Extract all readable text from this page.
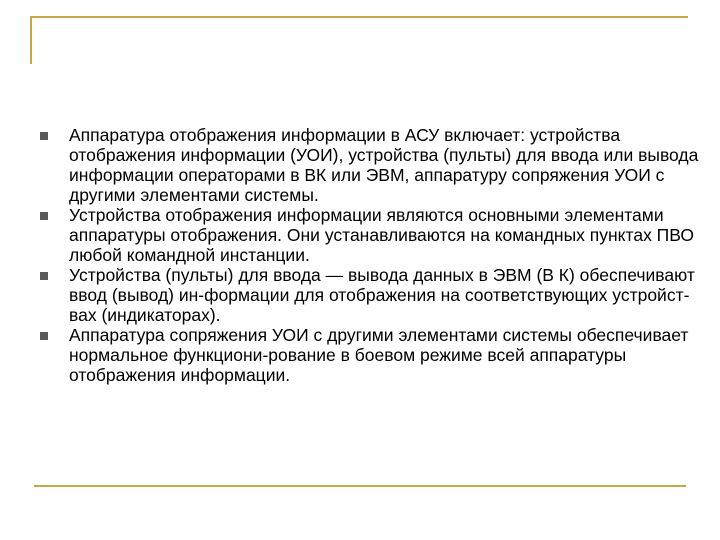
Аппаратура отображения информации в АСУ включает: устройства отображения информации (УОИ), устройства (пульты) для ввода или вывода информации операторами в ВК или ЭВМ, аппаратуру сопряжения УОИ с другими элементами системы.
Устройства отображения информации являются основными элементами аппаратуры отображения. Они устанавливаются на командных пунктах ПВО любой командной инстанции.
Устройства (пульты) для ввода — вывода данных в ЭВМ (В К) обеспечивают ввод (вывод) ин-формации для отображения на соответствующих устройст-вах (индикаторах).
Аппаратура сопряжения УОИ с другими элементами системы обеспечивает нормальное функциони-рование в боевом режиме всей аппаратуры отображения информации.
